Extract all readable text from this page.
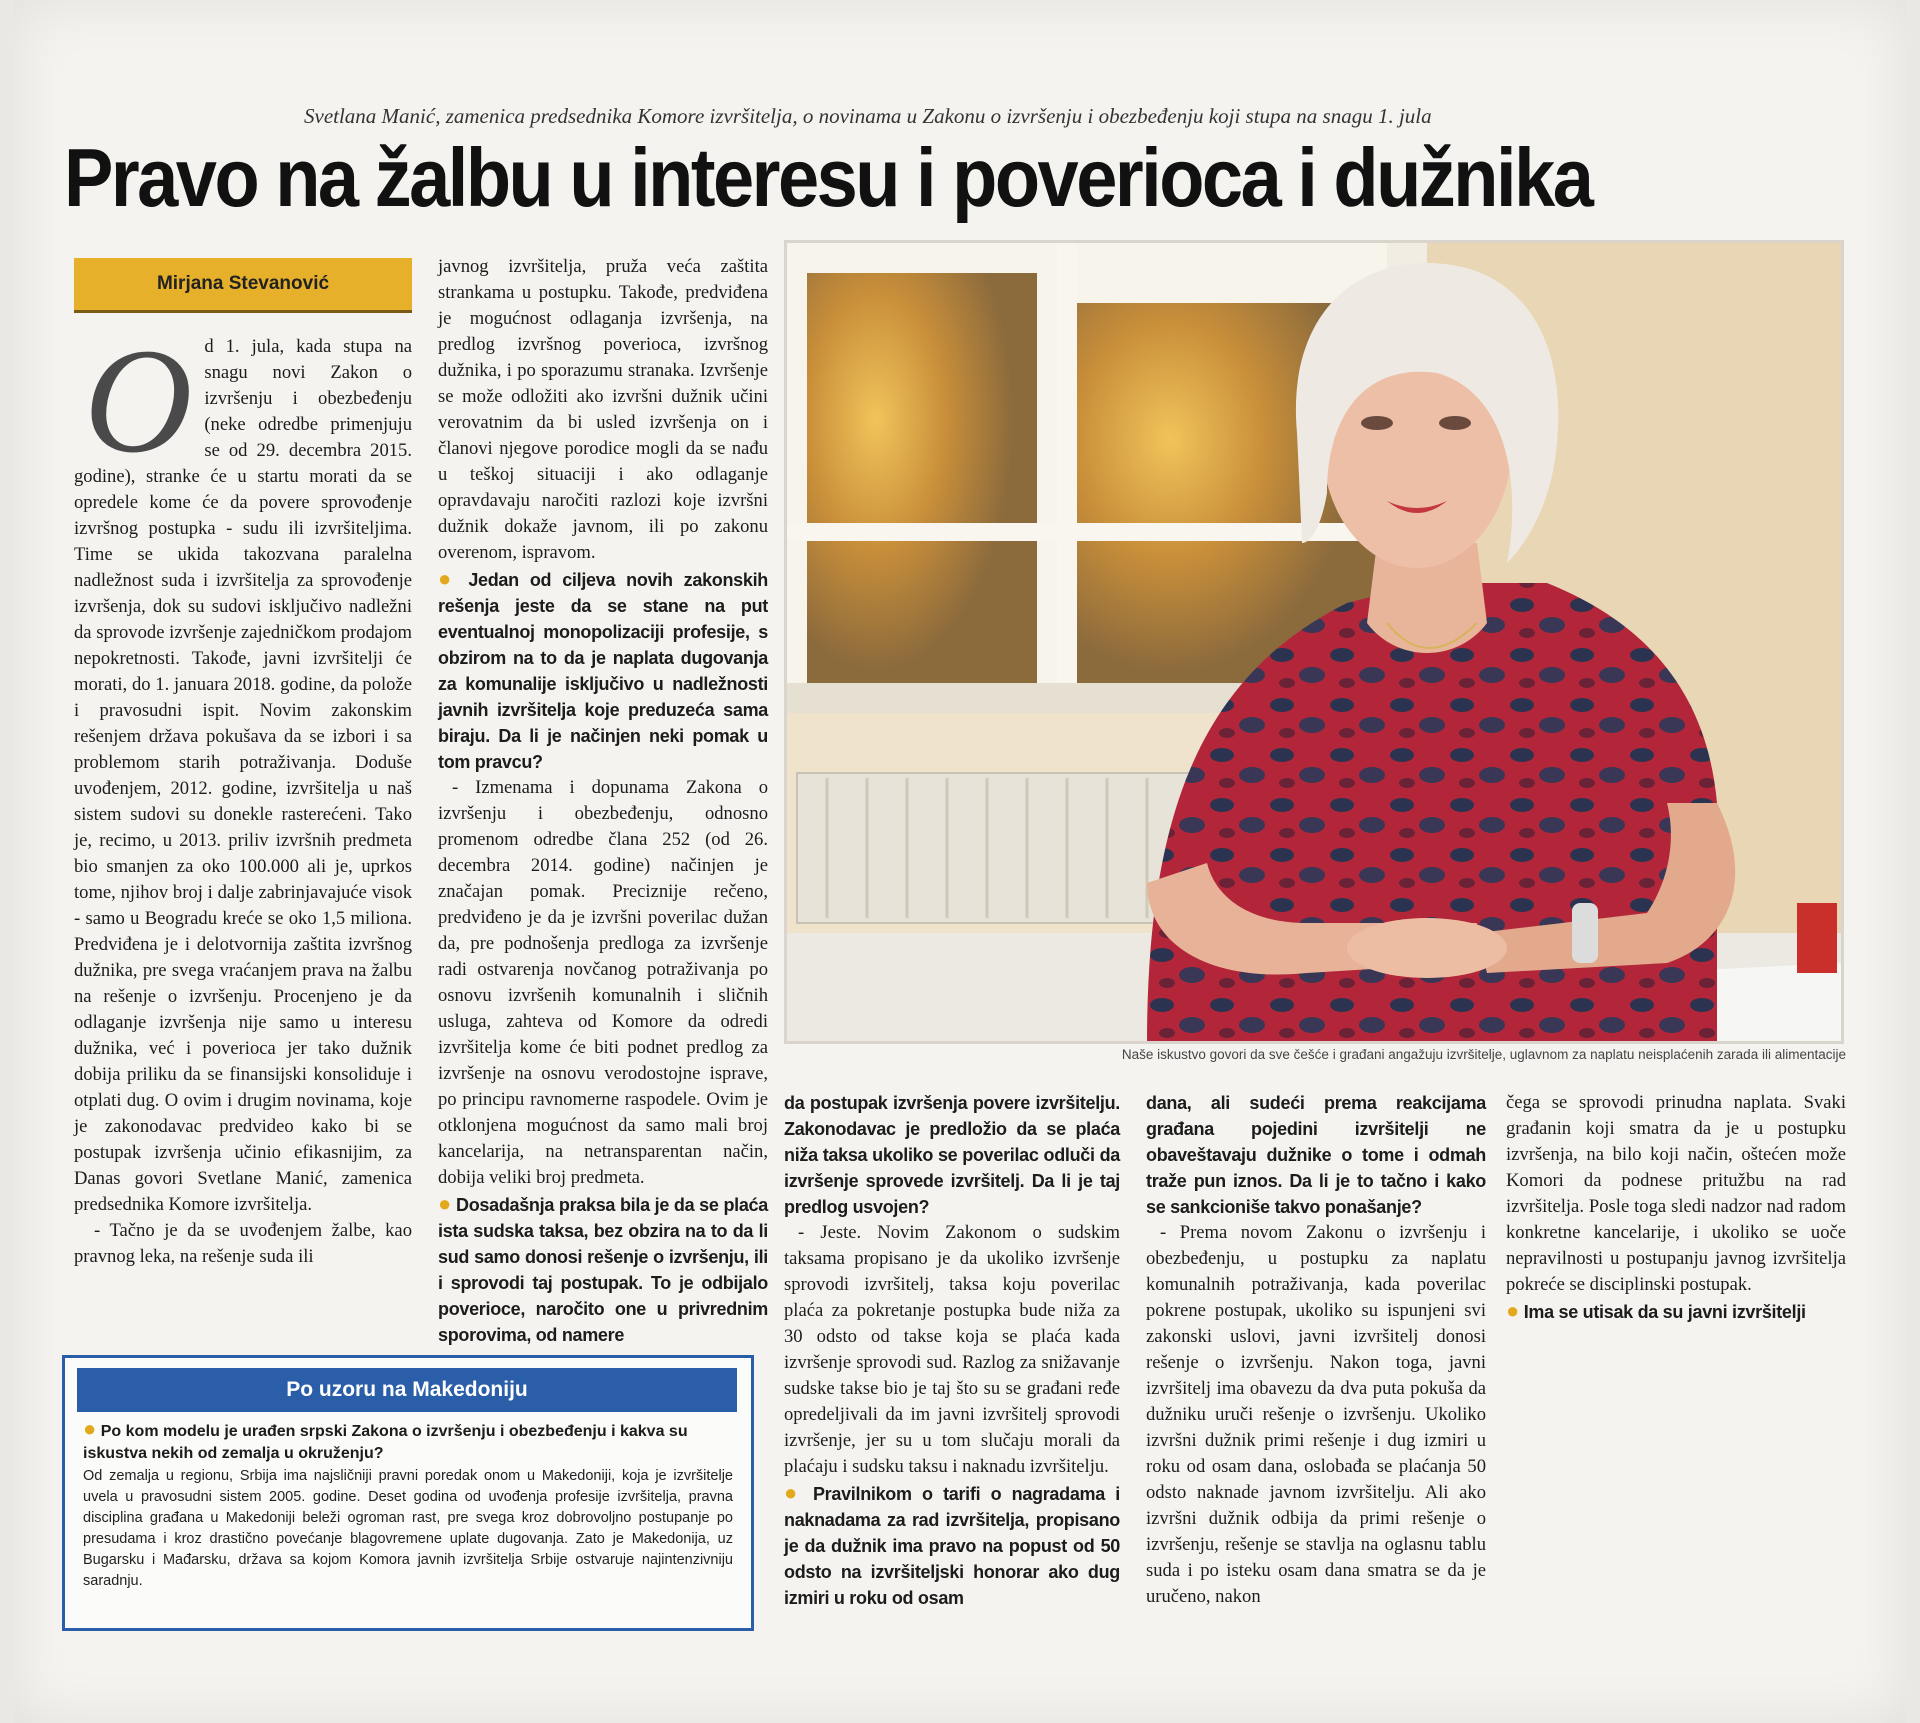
Svetlana Manić, zamenica predsednika Komore izvršitelja, o novinama u Zakonu o izvršenju i obezbeđenju koji stupa na snagu 1. jula
Pravo na žalbu u interesu i poverioca i dužnika
Mirjana Stevanović

Od 1. jula, kada stupa na snagu novi Zakon o izvršenju i obezbeđenju (neke odredbe primenjuju se od 29. decembra 2015. godine), stranke će u startu morati da se opredele kome će da povere sprovođenje izvršnog postupka - sudu ili izvršiteljima. Time se ukida takozvana paralelna nadležnost suda i izvršitelja za sprovođenje izvršenja, dok su sudovi isključivo nadležni da sprovode izvršenje zajedničkom prodajom nepokretnosti. Takođe, javni izvršitelji će morati, do 1. januara 2018. godine, da polože i pravosudni ispit. Novim zakonskim rešenjem država pokušava da se izbori i sa problemom starih potraživanja. Doduše uvođenjem, 2012. godine, izvršitelja u naš sistem sudovi su donekle rasterećeni. Tako je, recimo, u 2013. priliv izvršnih predmeta bio smanjen za oko 100.000 ali je, uprkos tome, njihov broj i dalje zabrinjavajuće visok - samo u Beogradu kreće se oko 1,5 miliona. Predviđena je i delotvornija zaštita izvršnog dužnika, pre svega vraćanjem prava na žalbu na rešenje o izvršenju. Procenjeno je da odlaganje izvršenja nije samo u interesu dužnika, već i poverioca jer tako dužnik dobija priliku da se finansijski konsoliduje i otplati dug. O ovim i drugim novinama, koje je zakonodavac predvideo kako bi se postupak izvršenja učinio efikasnijim, za Danas govori Svetlane Manić, zamenica predsednika Komore izvršitelja.

- Tačno je da se uvođenjem žalbe, kao pravnog leka, na rešenje suda ili

javnog izvršitelja, pruža veća zaštita strankama u postupku. Takođe, predviđena je mogućnost odlaganja izvršenja, na predlog izvršnog poverioca, izvršnog dužnika, i po sporazumu stranaka. Izvršenje se može odložiti ako izvršni dužnik učini verovatnim da bi usled izvršenja on i članovi njegove porodice mogli da se nađu u teškoj situaciji i ako odlaganje opravdavaju naročiti razlozi koje izvršni dužnik dokaže javnom, ili po zakonu overenom, ispravom.

● Jedan od ciljeva novih zakonskih rešenja jeste da se stane na put eventualnoj monopolizaciji profesije, s obzirom na to da je naplata dugovanja za komunalije isključivo u nadležnosti javnih izvršitelja koje preduzeća sama biraju. Da li je načinjen neki pomak u tom pravcu?

- Izmenama i dopunama Zakona o izvršenju i obezbeđenju, odnosno promenom odredbe člana 252 (od 26. decembra 2014. godine) načinjen je značajan pomak. Preciznije rečeno, predviđeno je da je izvršni poverilac dužan da, pre podnošenja predloga za izvršenje radi ostvarenja novčanog potraživanja po osnovu izvršenih komunalnih i sličnih usluga, zahteva od Komore da odredi izvršitelja kome će biti podnet predlog za izvršenje na osnovu verodostojne isprave, po principu ravnomerne raspodele. Ovim je otklonjena mogućnost da samo mali broj kancelarija, na netransparentan način, dobija veliki broj predmeta.

● Dosadašnja praksa bila je da se plaća ista sudska taksa, bez obzira na to da li sud samo donosi rešenje o izvršenju, ili i sprovodi taj postupak. To je odbijalo poverioce, naročito one u privrednim sporovima, od namere

Naše iskustvo govori da sve češće i građani angažuju izvršitelje, uglavnom za naplatu neisplaćenih zarada ili alimentacije

da postupak izvršenja povere izvršitelju. Zakonodavac je predložio da se plaća niža taksa ukoliko se poverilac odluči da izvršenje sprovede izvršitelj. Da li je taj predlog usvojen?

- Jeste. Novim Zakonom o sudskim taksama propisano je da ukoliko izvršenje sprovodi izvršitelj, taksa koju poverilac plaća za pokretanje postupka bude niža za 30 odsto od takse koja se plaća kada izvršenje sprovodi sud. Razlog za snižavanje sudske takse bio je taj što su se građani ređe opredeljivali da im javni izvršitelj sprovodi izvršenje, jer su u tom slučaju morali da plaćaju i sudsku taksu i naknadu izvršitelju.

● Pravilnikom o tarifi o nagradama i naknadama za rad izvršitelja, propisano je da dužnik ima pravo na popust od 50 odsto na izvršiteljski honorar ako dug izmiri u roku od osam

dana, ali sudeći prema reakcijama građana pojedini izvršitelji ne obaveštavaju dužnike o tome i odmah traže pun iznos. Da li je to tačno i kako se sankcioniše takvo ponašanje?

- Prema novom Zakonu o izvršenju i obezbeđenju, u postupku za naplatu komunalnih potraživanja, kada poverilac pokrene postupak, ukoliko su ispunjeni svi zakonski uslovi, javni izvršitelj donosi rešenje o izvršenju. Nakon toga, javni izvršitelj ima obavezu da dva puta pokuša da dužniku uruči rešenje o izvršenju. Ukoliko izvršni dužnik primi rešenje i dug izmiri u roku od osam dana, oslobađa se plaćanja 50 odsto naknade javnom izvršitelju. Ali ako izvršni dužnik odbija da primi rešenje o izvršenju, rešenje se stavlja na oglasnu tablu suda i po isteku osam dana smatra se da je uručeno, nakon

čega se sprovodi prinudna naplata. Svaki građanin koji smatra da je u postupku izvršenja, na bilo koji način, oštećen može Komori da podnese pritužbu na rad izvršitelja. Posle toga sledi nadzor nad radom konkretne kancelarije, i ukoliko se uoče nepravilnosti u postupanju javnog izvršitelja pokreće se disciplinski postupak.

● Ima se utisak da su javni izvršitelji

Po uzoru na Makedoniju
● Po kom modelu je urađen srpski Zakona o izvršenju i obezbeđenju i kakva su iskustva nekih od zemalja u okruženju?
Od zemalja u regionu, Srbija ima najsličniji pravni poredak onom u Makedoniji, koja je izvršitelje uvela u pravosudni sistem 2005. godine. Deset godina od uvođenja profesije izvršitelja, pravna disciplina građana u Makedoniji beleži ogroman rast, pre svega kroz dobrovoljno postupanje po presudama i kroz drastično povećanje blagovremene uplate dugovanja. Zato je Makedonija, uz Bugarsku i Mađarsku, država sa kojom Komora javnih izvršitelja Srbije ostvaruje najintenzivniju saradnju.
